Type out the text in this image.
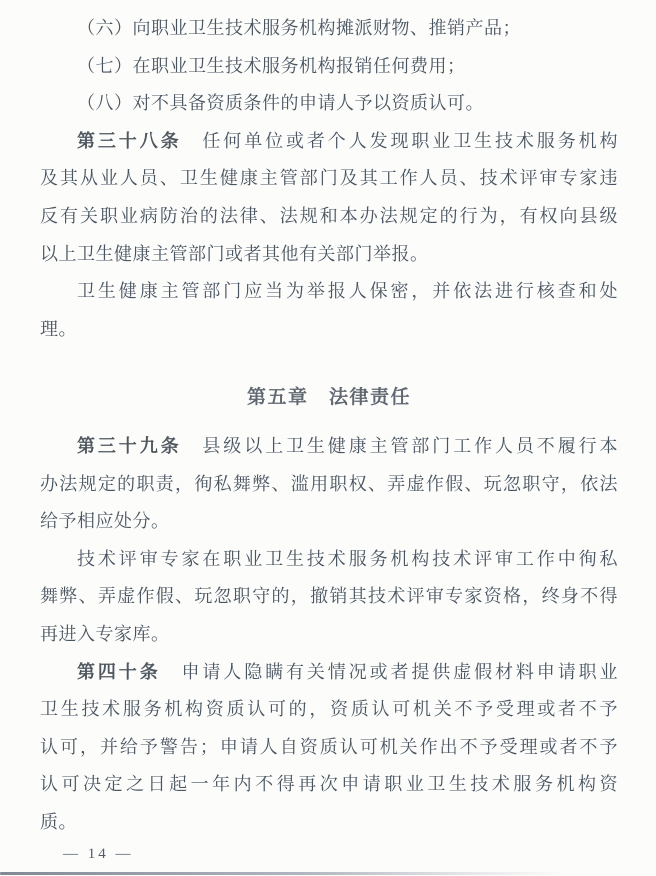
（六）向职业卫生技术服务机构摊派财物、推销产品；
（七）在职业卫生技术服务机构报销任何费用；
（八）对不具备资质条件的申请人予以资质认可。
第三十八条　任何单位或者个人发现职业卫生技术服务机构
及其从业人员、卫生健康主管部门及其工作人员、技术评审专家违
反有关职业病防治的法律、法规和本办法规定的行为，有权向县级
以上卫生健康主管部门或者其他有关部门举报。
卫生健康主管部门应当为举报人保密，并依法进行核查和处
理。
第五章　法律责任
第三十九条　县级以上卫生健康主管部门工作人员不履行本
办法规定的职责，徇私舞弊、滥用职权、弄虚作假、玩忽职守，依法
给予相应处分。
技术评审专家在职业卫生技术服务机构技术评审工作中徇私
舞弊、弄虚作假、玩忽职守的，撤销其技术评审专家资格，终身不得
再进入专家库。
第四十条　申请人隐瞒有关情况或者提供虚假材料申请职业
卫生技术服务机构资质认可的，资质认可机关不予受理或者不予
认可，并给予警告；申请人自资质认可机关作出不予受理或者不予
认可决定之日起一年内不得再次申请职业卫生技术服务机构资
质。
— 14 —
